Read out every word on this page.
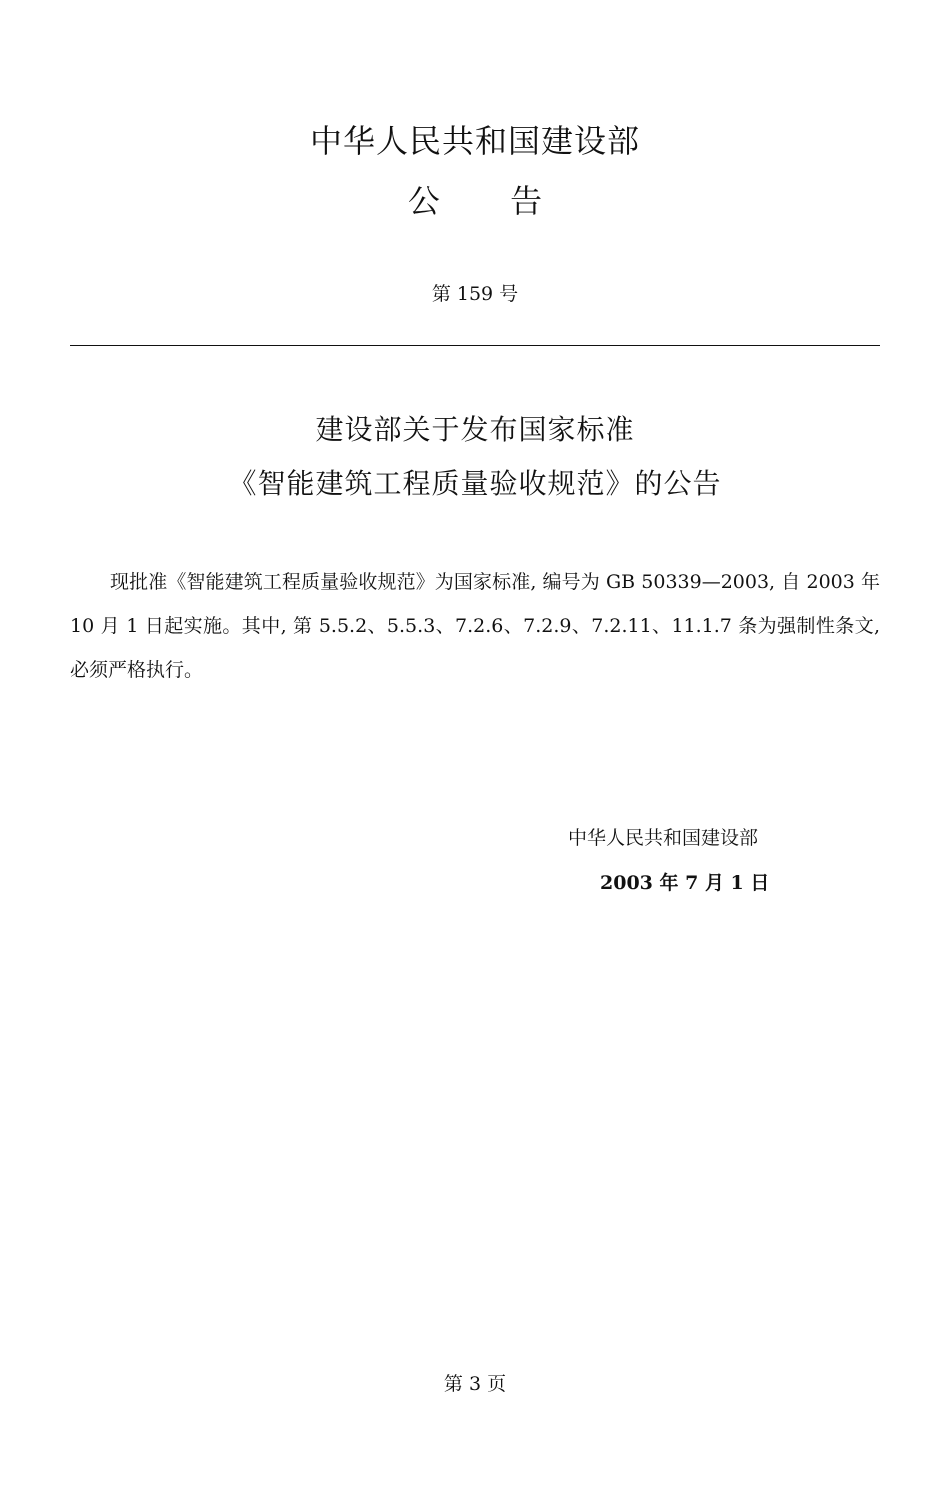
中华人民共和国建设部
公 告
第 159 号
建设部关于发布国家标准
《智能建筑工程质量验收规范》的公告
现批准《智能建筑工程质量验收规范》为国家标准, 编号为 GB 50339—2003, 自 2003 年 10 月 1 日起实施。其中, 第 5.5.2、5.5.3、7.2.6、7.2.9、7.2.11、11.1.7 条为强制性条文, 必须严格执行。
中华人民共和国建设部
2003 年 7 月 1 日
第 3 页
